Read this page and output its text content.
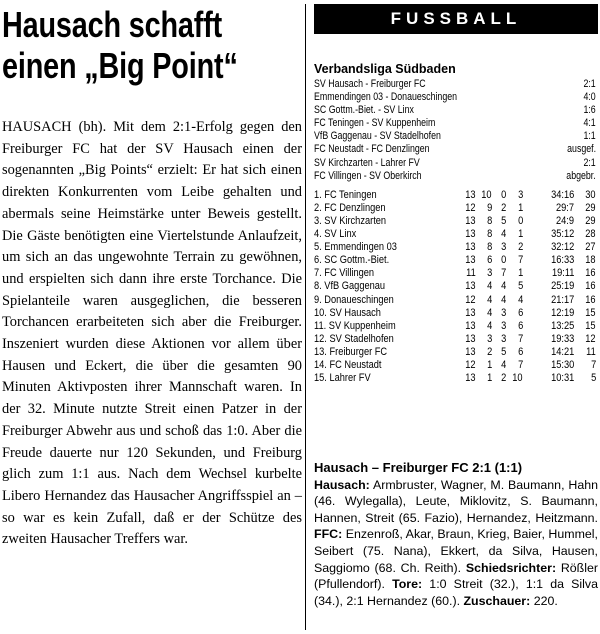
Hausach schafft
einen „Big Point“

HAUSACH (bh). Mit dem 2:1-Erfolg gegen den Freiburger FC hat der SV Hausach einen der sogenannten „Big Points“ erzielt: Er hat sich einen direkten Konkurrenten vom Leibe gehalten und abermals seine Heimstärke unter Beweis gestellt. Die Gäste benötigten eine Viertelstunde Anlaufzeit, um sich an das ungewohnte Terrain zu gewöhnen, und erspielten sich dann ihre erste Torchance. Die Spielanteile waren ausgeglichen, die besseren Torchancen erarbeiteten sich aber die Freiburger. Inszeniert wurden diese Aktionen vor allem über Hausen und Eckert, die über die gesamten 90 Minuten Aktivposten ihrer Mannschaft waren. In der 32. Minute nutzte Streit einen Patzer in der Freiburger Abwehr aus und schoß das 1:0. Aber die Freude dauerte nur 120 Sekunden, und Freiburg glich zum 1:1 aus. Nach dem Wechsel kurbelte Libero Hernandez das Hausacher Angriffsspiel an – so war es kein Zufall, daß er der Schütze des zweiten Hausacher Treffers war.

FUSSBALL
Verbandsliga Südbaden
SV Hausach - Freiburger FC	2:1
Emmendingen 03 - Donaueschingen	4:0
SC Gottm.-Biet. - SV Linx	1:6
FC Teningen - SV Kuppenheim	4:1
VfB Gaggenau - SV Stadelhofen	1:1
FC Neustadt - FC Denzlingen	ausgef.
SV Kirchzarten - Lahrer FV	2:1
FC Villingen - SV Oberkirch	abgebr.
1. FC Teningen	13 10 0 3 34:16 30
2. FC Denzlingen	12 9 2 1	29:7 29
3. SV Kirchzarten	13 8 5 0	24:9 29
4. SV Linx	13 8 4 1 35:12 28
5. Emmendingen 03	13 8 3 2 32:12 27
6. SC Gottm.-Biet.	13 6 0 7 16:33 18
7. FC Villingen	11 3 7 1	19:11 16
8. VfB Gaggenau	13 4 4 5 25:19 16
9. Donaueschingen	12 4 4 4 21:17 16
10. SV Hausach	13 4 3 6 12:19 15
11. SV Kuppenheim	13 4 3 6 13:25 15
12. SV Stadelhofen	13 3 3 7 19:33 12
13. Freiburger FC	13 2 5 6 14:21 11
14. FC Neustadt	12 1 4 7 15:30 7
15. Lahrer FV	13 1 2 10 10:31 5
Hausach – Freiburger FC 2:1 (1:1)
Hausach: Armbruster, Wagner, M. Baumann, Hahn (46. Wylegalla), Leute, Miklovitz, S. Baumann, Hannen, Streit (65. Fazio), Hernandez, Heitzmann. FFC: Enzenroß, Akar, Braun, Krieg, Baier, Hummel, Seibert (75. Nana), Ekkert, da Silva, Hausen, Saggiomo (68. Ch. Reith). Schiedsrichter: Rößler (Pfullendorf). Tore: 1:0 Streit (32.), 1:1 da Silva (34.), 2:1 Hernandez (60.). Zuschauer: 220.
